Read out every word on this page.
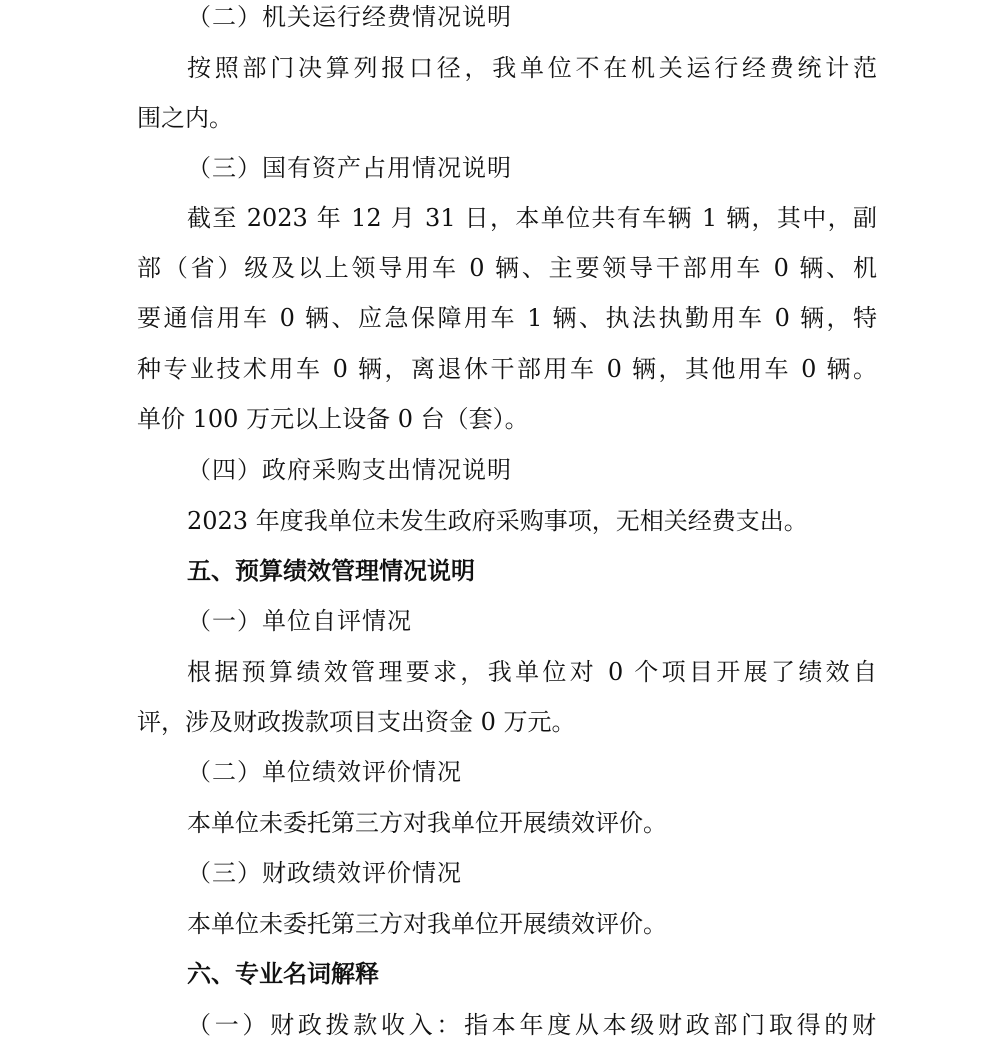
（二）机关运行经费情况说明
按照部门决算列报口径，我单位不在机关运行经费统计范
围之内。
（三）国有资产占用情况说明
截至 2023 年 12 月 31 日，本单位共有车辆 1 辆，其中，副
部（省）级及以上领导用车 0 辆、主要领导干部用车 0 辆、机
要通信用车 0 辆、应急保障用车 1 辆、执法执勤用车 0 辆，特
种专业技术用车 0 辆，离退休干部用车 0 辆，其他用车 0 辆。
单价 100 万元以上设备 0 台（套）。
（四）政府采购支出情况说明
2023 年度我单位未发生政府采购事项，无相关经费支出。
五、预算绩效管理情况说明
（一）单位自评情况
根据预算绩效管理要求，我单位对 0 个项目开展了绩效自
评，涉及财政拨款项目支出资金 0 万元。
（二）单位绩效评价情况
本单位未委托第三方对我单位开展绩效评价。
（三）财政绩效评价情况
本单位未委托第三方对我单位开展绩效评价。
六、专业名词解释
（一）财政拨款收入：指本年度从本级财政部门取得的财
